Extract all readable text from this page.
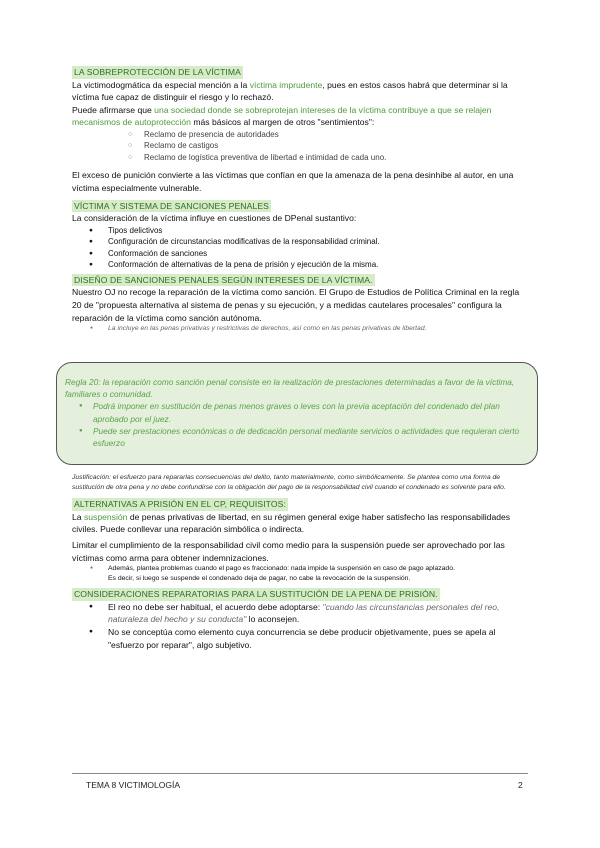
LA SOBREPROTECCIÓN DE LA VÍCTIMA

La victimodogmática da especial mención a la víctima imprudente, pues en estos casos habrá que determinar si la víctima fue capaz de distinguir el riesgo y lo rechazó.

Puede afirmarse que una sociedad donde se sobreprotejan intereses de la víctima contribuye a que se relajen mecanismos de autoprotección más básicos al margen de otros "sentimientos":

○ Reclamo de presencia de autoridades
○ Reclamo de castigos
○ Reclamo de logística preventiva de libertad e intimidad de cada uno.

El exceso de punición convierte a las víctimas que confían en que la amenaza de la pena desinhibe al autor, en una víctima especialmente vulnerable.

VÍCTIMA Y SISTEMA DE SANCIONES PENALES

La consideración de la víctima influye en cuestiones de DPenal sustantivo:

● Tipos delictivos
● Configuración de circunstancias modificativas de la responsabilidad criminal.
● Conformación de sanciones
● Conformación de alternativas de la pena de prisión y ejecución de la misma.
DISEÑO DE SANCIONES PENALES SEGÚN INTERESES DE LA VÍCTIMA.

Nuestro OJ no recoge la reparación de la víctima como sanción. El Grupo de Estudios de Política Criminal en la regla 20 de "propuesta alternativa al sistema de penas y su ejecución, y a medidas cautelares procesales" configura la reparación de la víctima como sanción autónoma.

● La incluye en las penas privativas y restrictivas de derechos, así como en las penas privativas de libertad.
Regla 20: la reparación como sanción penal consiste en la realización de prestaciones determinadas a favor de la víctima, familiares o comunidad.
● Podrá imponer en sustitución de penas menos graves o leves con la previa aceptación del condenado del plan aprobado por el juez.
● Puede ser prestaciones económicas o de dedicación personal mediante servicios o actividades que requieran cierto esfuerzo

Justificación: el esfuerzo para repararlas consecuencias del delito, tanto materialmente, como simbólicamente. Se plantea como una forma de sustitución de otra pena y no debe confundirse con la obligación del pago de la responsabilidad civil cuando el condenado es solvente para ello.

ALTERNATIVAS A PRISIÓN EN EL CP, REQUISITOS:

La suspensión de penas privativas de libertad, en su régimen general exige haber satisfecho las responsabilidades civiles. Puede conllevar una reparación simbólica o indirecta.

Limitar el cumplimiento de la responsabilidad civil como medio para la suspensión puede ser aprovechado por las víctimas como arma para obtener indemnizaciones.

● Además, plantea problemas cuando el pago es fraccionado: nada impide la suspensión en caso de pago aplazado.
Es decir, si luego se suspende el condenado deja de pagar, no cabe la revocación de la suspensión.
CONSIDERACIONES REPARATORIAS PARA LA SUSTITUCIÓN DE LA PENA DE PRISIÓN.
● El reo no debe ser habitual, el acuerdo debe adoptarse: "cuando las circunstancias personales del reo, naturaleza del hecho y su conducta" lo aconsejen.
● No se conceptúa como elemento cuya concurrencia se debe producir objetivamente, pues se apela al "esfuerzo por reparar", algo subjetivo.
TEMA 8 VICTIMOLOGÍA	2
